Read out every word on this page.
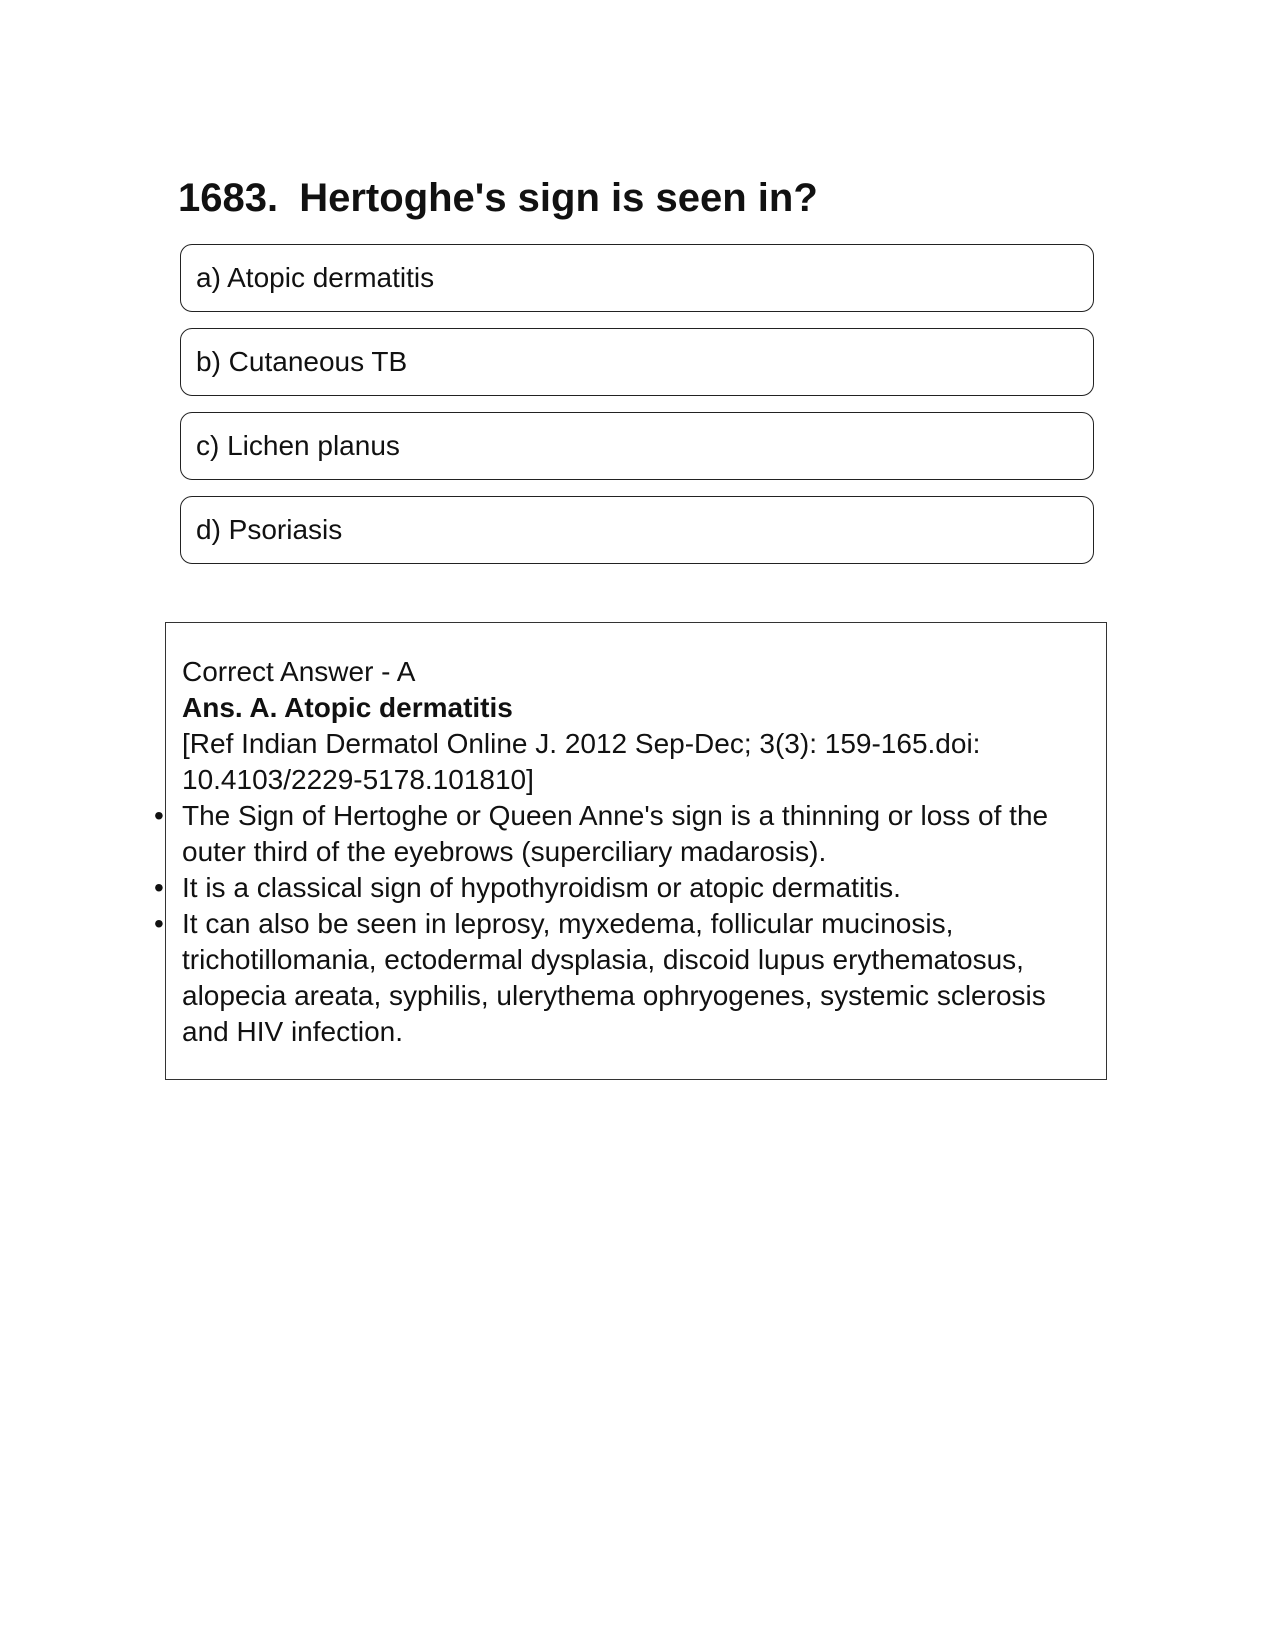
1683. Hertoghe's sign is seen in?
a) Atopic dermatitis
b) Cutaneous TB
c) Lichen planus
d) Psoriasis

Correct Answer - A

Ans. A. Atopic dermatitis

[Ref Indian Dermatol Online J. 2012 Sep-Dec; 3(3): 159-165.doi: 10.4103/2229-5178.101810]

• The Sign of Hertoghe or Queen Anne's sign is a thinning or loss of the outer third of the eyebrows (superciliary madarosis).
• It is a classical sign of hypothyroidism or atopic dermatitis.
• It can also be seen in leprosy, myxedema, follicular mucinosis, trichotillomania, ectodermal dysplasia, discoid lupus erythematosus, alopecia areata, syphilis, ulerythema ophryogenes, systemic sclerosis and HIV infection.
